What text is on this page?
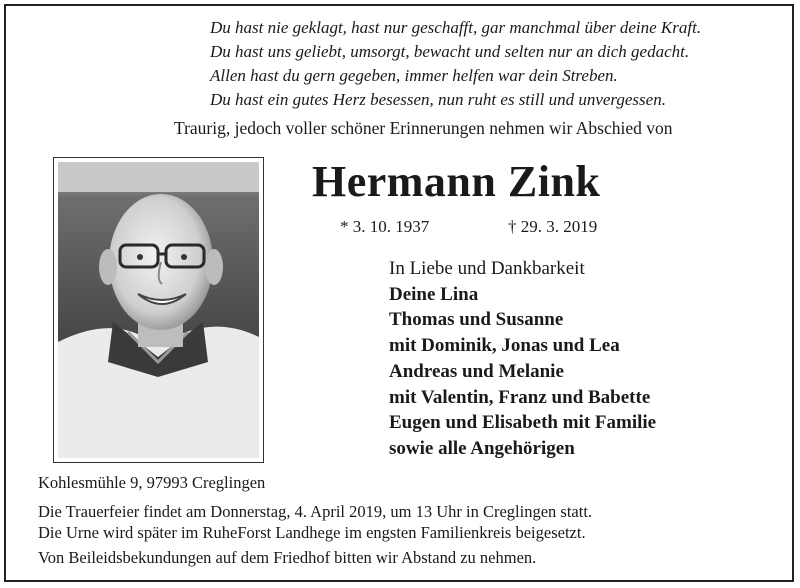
Du hast nie geklagt, hast nur geschafft, gar manchmal über deine Kraft.
Du hast uns geliebt, umsorgt, bewacht und selten nur an dich gedacht.
Allen hast du gern gegeben, immer helfen war dein Streben.
Du hast ein gutes Herz besessen, nun ruht es still und unvergessen.
Traurig, jedoch voller schöner Erinnerungen nehmen wir Abschied von
Hermann Zink
* 3. 10. 1937	† 29. 3. 2019
In Liebe und Dankbarkeit
Deine Lina
Thomas und Susanne
mit Dominik, Jonas und Lea
Andreas und Melanie
mit Valentin, Franz und Babette
Eugen und Elisabeth mit Familie
sowie alle Angehörigen
Kohlesmühle 9, 97993 Creglingen
Die Trauerfeier findet am Donnerstag, 4. April 2019, um 13 Uhr in Creglingen statt.
Die Urne wird später im RuheForst Landhege im engsten Familienkreis beigesetzt.
Von Beileidsbekundungen auf dem Friedhof bitten wir Abstand zu nehmen.
